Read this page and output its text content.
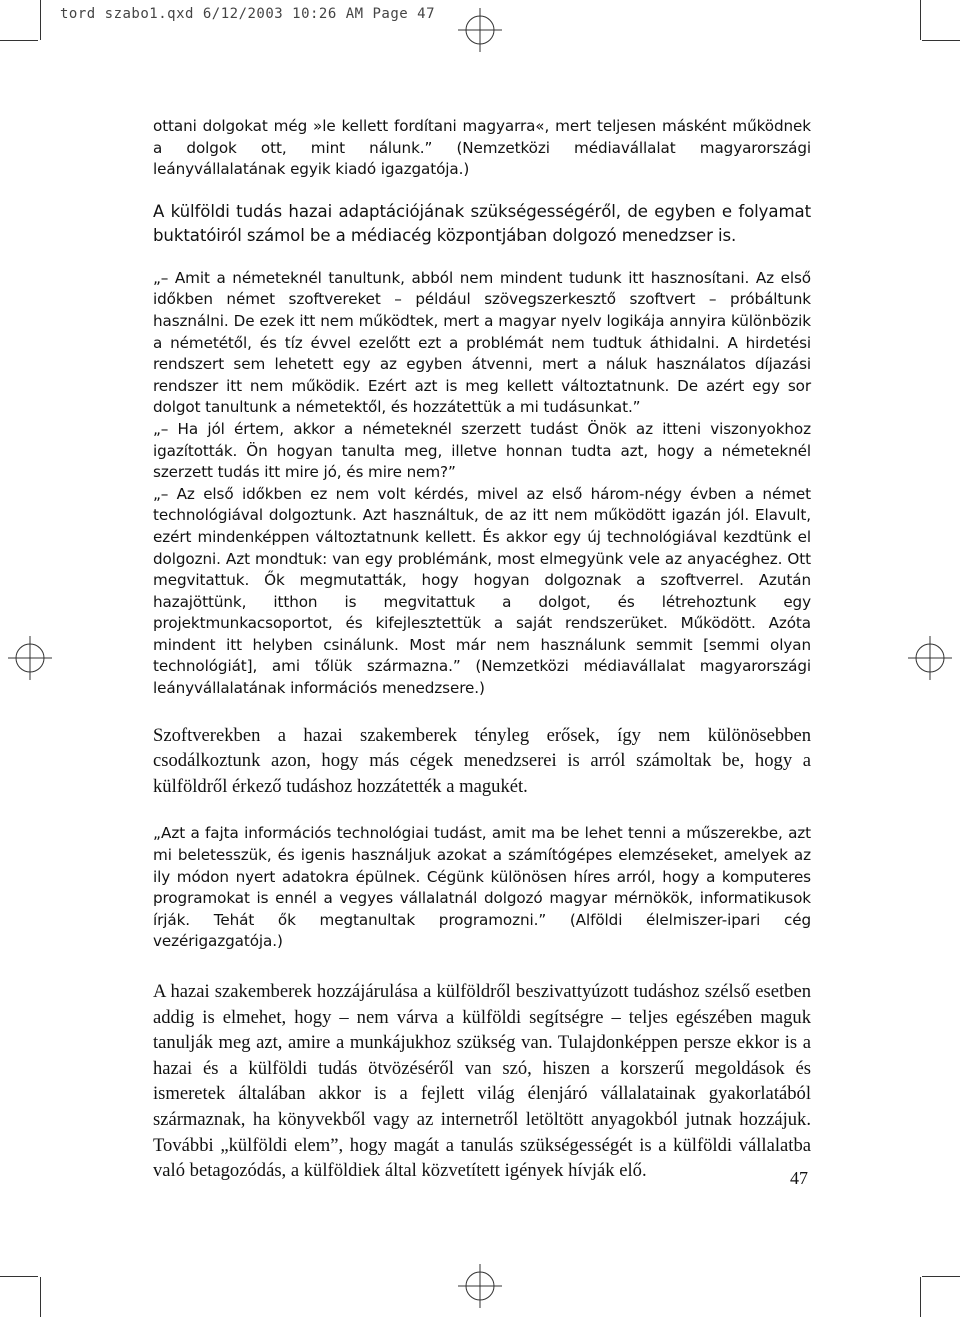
tord szabo1.qxd 6/12/2003 10:26 AM Page 47

ottani dolgokat még »le kellett fordítani magyarra«, mert teljesen másként működnek a dolgok ott, mint nálunk.” (Nemzetközi médiavállalat magyarországi leányvállalatának egyik kiadó igazgatója.)

A külföldi tudás hazai adaptációjának szükségességéről, de egyben e folyamat buktatóiról számol be a médiacég központjában dolgozó menedzser is.

„– Amit a németeknél tanultunk, abból nem mindent tudunk itt hasznosítani. Az első időkben német szoftvereket – például szövegszerkesztő szoftvert – próbáltunk használni. De ezek itt nem működtek, mert a magyar nyelv logikája annyira különbözik a németétől, és tíz évvel ezelőtt ezt a problémát nem tudtuk áthidalni. A hirdetési rendszert sem lehetett egy az egyben átvenni, mert a náluk használatos díjazási rendszer itt nem működik. Ezért azt is meg kellett változtatnunk. De azért egy sor dolgot tanultunk a németektől, és hozzátettük a mi tudásunkat.”

„– Ha jól értem, akkor a németeknél szerzett tudást Önök az itteni viszonyokhoz igazították. Ön hogyan tanulta meg, illetve honnan tudta azt, hogy a németeknél szerzett tudás itt mire jó, és mire nem?”

„– Az első időkben ez nem volt kérdés, mivel az első három-négy évben a német technológiával dolgoztunk. Azt használtuk, de az itt nem működött igazán jól. Elavult, ezért mindenképpen változtatnunk kellett. És akkor egy új technológiával kezdtünk el dolgozni. Azt mondtuk: van egy problémánk, most elmegyünk vele az anyacéghez. Ott megvitattuk. Ők megmutatták, hogy hogyan dolgoznak a szoftverrel. Azután hazajöttünk, itthon is megvitattuk a dolgot, és létrehoztunk egy projektmunkacsoportot, és kifejlesztettük a saját rendszerüket. Működött. Azóta mindent itt helyben csinálunk. Most már nem használunk semmit [semmi olyan technológiát], ami tőlük származna.” (Nemzetközi médiavállalat magyarországi leányvállalatának információs menedzsere.)

Szoftverekben a hazai szakemberek tényleg erősek, így nem különösebben csodálkoztunk azon, hogy más cégek menedzserei is arról számoltak be, hogy a külföldről érkező tudáshoz hozzátették a magukét.

„Azt a fajta információs technológiai tudást, amit ma be lehet tenni a műszerekbe, azt mi beletesszük, és igenis használjuk azokat a számítógépes elemzéseket, amelyek az ily módon nyert adatokra épülnek. Cégünk különösen híres arról, hogy a komputeres programokat is ennél a vegyes vállalatnál dolgozó magyar mérnökök, informatikusok írják. Tehát ők megtanultak programozni.” (Alföldi élelmiszer-ipari cég vezérigazgatója.)

A hazai szakemberek hozzájárulása a külföldről beszivattyúzott tudáshoz szélső esetben addig is elmehet, hogy – nem várva a külföldi segítségre – teljes egészében maguk tanulják meg azt, amire a munkájukhoz szükség van. Tulajdonképpen persze ekkor is a hazai és a külföldi tudás ötvözéséről van szó, hiszen a korszerű megoldások és ismeretek általában akkor is a fejlett világ élenjáró vállalatainak gyakorlatából származnak, ha könyvekből vagy az internetről letöltött anyagokból jutnak hozzájuk. További „külföldi elem”, hogy magát a tanulás szükségességét is a külföldi vállalatba való betagozódás, a külföldiek által közvetített igények hívják elő.	47
